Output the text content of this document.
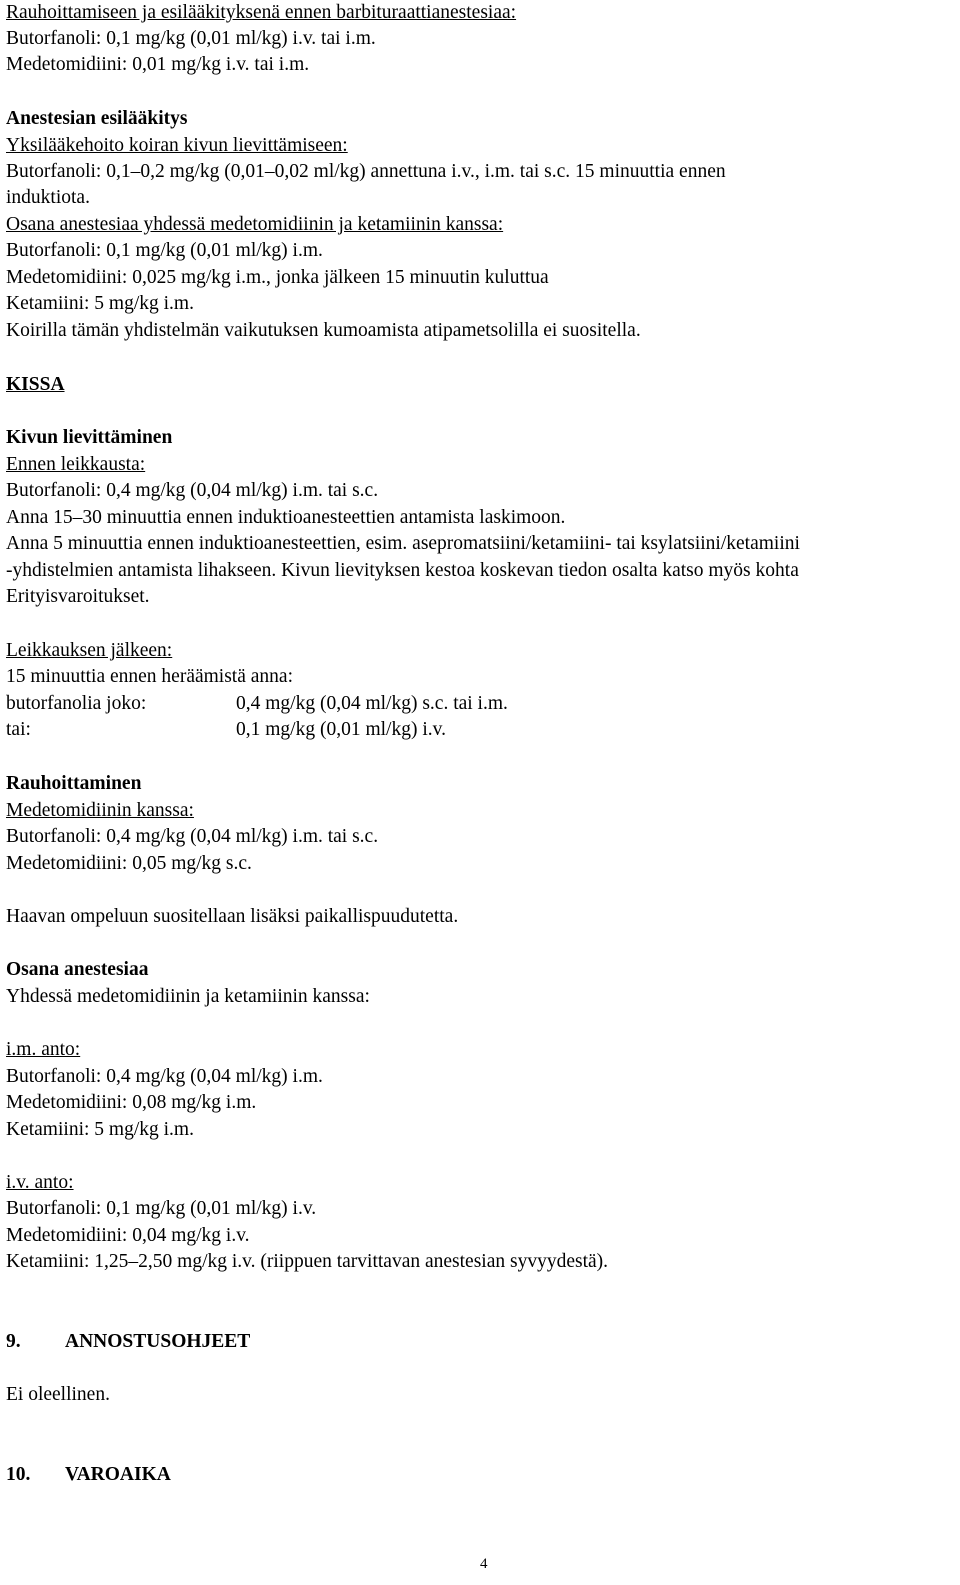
Rauhoittamiseen ja esilääkityksenä ennen barbituraattianestesiaa:
Butorfanoli: 0,1 mg/kg (0,01 ml/kg) i.v. tai i.m.
Medetomidiini: 0,01 mg/kg i.v. tai i.m.
Anestesian esilääkitys
Yksilääkehoito koiran kivun lievittämiseen:
Butorfanoli: 0,1–0,2 mg/kg (0,01–0,02 ml/kg) annettuna i.v., i.m. tai s.c. 15 minuuttia ennen
induktiota.
Osana anestesiaa yhdessä medetomidiinin ja ketamiinin kanssa:
Butorfanoli: 0,1 mg/kg (0,01 ml/kg) i.m.
Medetomidiini: 0,025 mg/kg i.m., jonka jälkeen 15 minuutin kuluttua
Ketamiini: 5 mg/kg i.m.
Koirilla tämän yhdistelmän vaikutuksen kumoamista atipametsolilla ei suositella.
KISSA
Kivun lievittäminen
Ennen leikkausta:
Butorfanoli: 0,4 mg/kg (0,04 ml/kg) i.m. tai s.c.
Anna 15–30 minuuttia ennen induktioanesteettien antamista laskimoon.
Anna 5 minuuttia ennen induktioanesteettien, esim. asepromatsiini/ketamiini- tai ksylatsiini/ketamiini
-yhdistelmien antamista lihakseen. Kivun lievityksen kestoa koskevan tiedon osalta katso myös kohta
Erityisvaroitukset.
Leikkauksen jälkeen:
15 minuuttia ennen heräämistä anna:
butorfanolia joko:	0,4 mg/kg (0,04 ml/kg) s.c. tai i.m.
tai:	0,1 mg/kg (0,01 ml/kg) i.v.
Rauhoittaminen
Medetomidiinin kanssa:
Butorfanoli: 0,4 mg/kg (0,04 ml/kg) i.m. tai s.c.
Medetomidiini: 0,05 mg/kg s.c.
Haavan ompeluun suositellaan lisäksi paikallispuudutetta.
Osana anestesiaa
Yhdessä medetomidiinin ja ketamiinin kanssa:
i.m. anto:
Butorfanoli: 0,4 mg/kg (0,04 ml/kg) i.m.
Medetomidiini: 0,08 mg/kg i.m.
Ketamiini: 5 mg/kg i.m.
i.v. anto:
Butorfanoli: 0,1 mg/kg (0,01 ml/kg) i.v.
Medetomidiini: 0,04 mg/kg i.v.
Ketamiini: 1,25–2,50 mg/kg i.v. (riippuen tarvittavan anestesian syvyydestä).
9. ANNOSTUSOHJEET
Ei oleellinen.
10. VAROAIKA
4
